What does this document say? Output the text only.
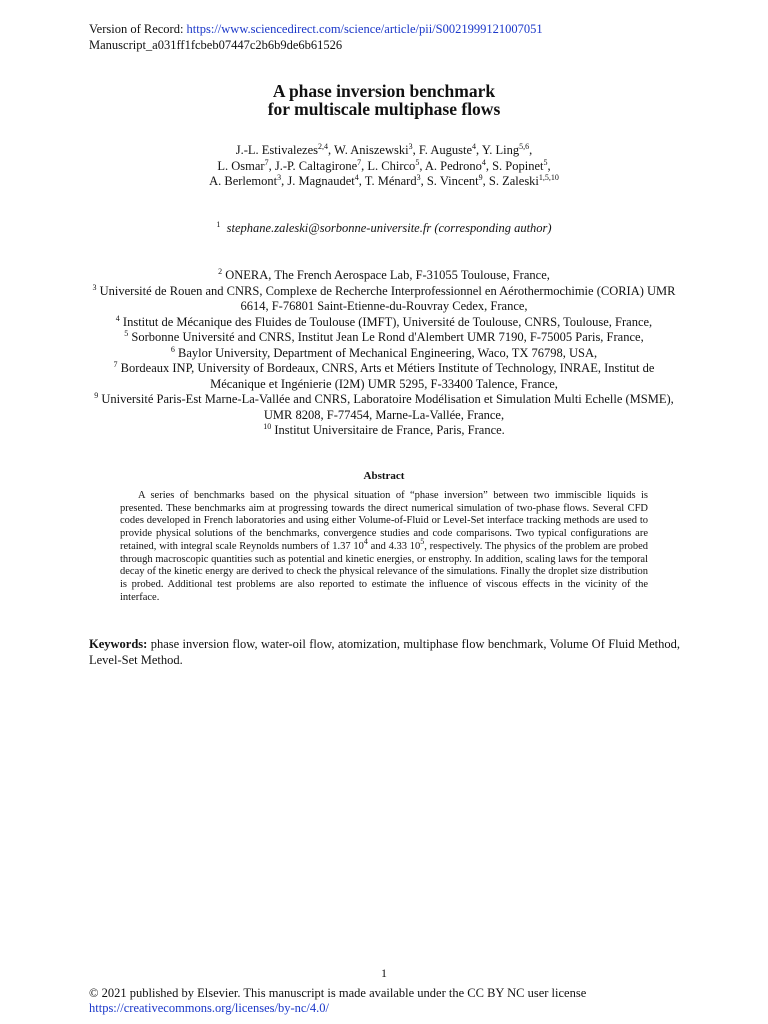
Version of Record: https://www.sciencedirect.com/science/article/pii/S0021999121007051
Manuscript_a031ff1fcbeb07447c2b6b9de6b61526
A phase inversion benchmark
for multiscale multiphase flows
J.-L. Estivalezes$^{2,4}$, W. Aniszewski$^3$, F. Auguste$^4$, Y. Ling$^{5,6}$,
L. Osmar$^7$, J.-P. Caltagirone$^7$, L. Chirco$^5$, A. Pedrono$^4$, S. Popinet$^5$,
A. Berlemont$^3$, J. Magnaudet$^4$, T. Ménard$^3$, S. Vincent$^9$, S. Zaleski$^{1,5,10}$
$^1$ stephane.zaleski@sorbonne-universite.fr (corresponding author)
$^2$ ONERA, The French Aerospace Lab, F-31055 Toulouse, France,
$^3$ Université de Rouen and CNRS, Complexe de Recherche Interprofessionnel en Aérothermochimie (CORIA) UMR 6614, F-76801 Saint-Etienne-du-Rouvray Cedex, France,
$^4$ Institut de Mécanique des Fluides de Toulouse (IMFT), Université de Toulouse, CNRS, Toulouse, France,
$^5$ Sorbonne Université and CNRS, Institut Jean Le Rond d'Alembert UMR 7190, F-75005 Paris, France,
$^6$ Baylor University, Department of Mechanical Engineering, Waco, TX 76798, USA,
$^7$ Bordeaux INP, University of Bordeaux, CNRS, Arts et Métiers Institute of Technology, INRAE, Institut de Mécanique et Ingénierie (I2M) UMR 5295, F-33400 Talence, France,
$^9$ Université Paris-Est Marne-La-Vallée and CNRS, Laboratoire Modélisation et Simulation Multi Echelle (MSME), UMR 8208, F-77454, Marne-La-Vallée, France,
$^{10}$ Institut Universitaire de France, Paris, France.
Abstract
A series of benchmarks based on the physical situation of “phase inversion” between two immiscible liquids is presented. These benchmarks aim at progressing towards the direct numerical simulation of two-phase flows. Several CFD codes developed in French laboratories and using either Volume-of-Fluid or Level-Set interface tracking methods are used to provide physical solutions of the benchmarks, convergence studies and code comparisons. Two typical configurations are retained, with integral scale Reynolds numbers of 1.37 $10^4$ and 4.33 $10^5$, respectively. The physics of the problem are probed through macroscopic quantities such as potential and kinetic energies, or enstrophy. In addition, scaling laws for the temporal decay of the kinetic energy are derived to check the physical relevance of the simulations. Finally the droplet size distribution is probed. Additional test problems are also reported to estimate the influence of viscous effects in the vicinity of the interface.
Keywords: phase inversion flow, water-oil flow, atomization, multiphase flow benchmark, Volume Of Fluid Method, Level-Set Method.
1
© 2021 published by Elsevier. This manuscript is made available under the CC BY NC user license
https://creativecommons.org/licenses/by-nc/4.0/
